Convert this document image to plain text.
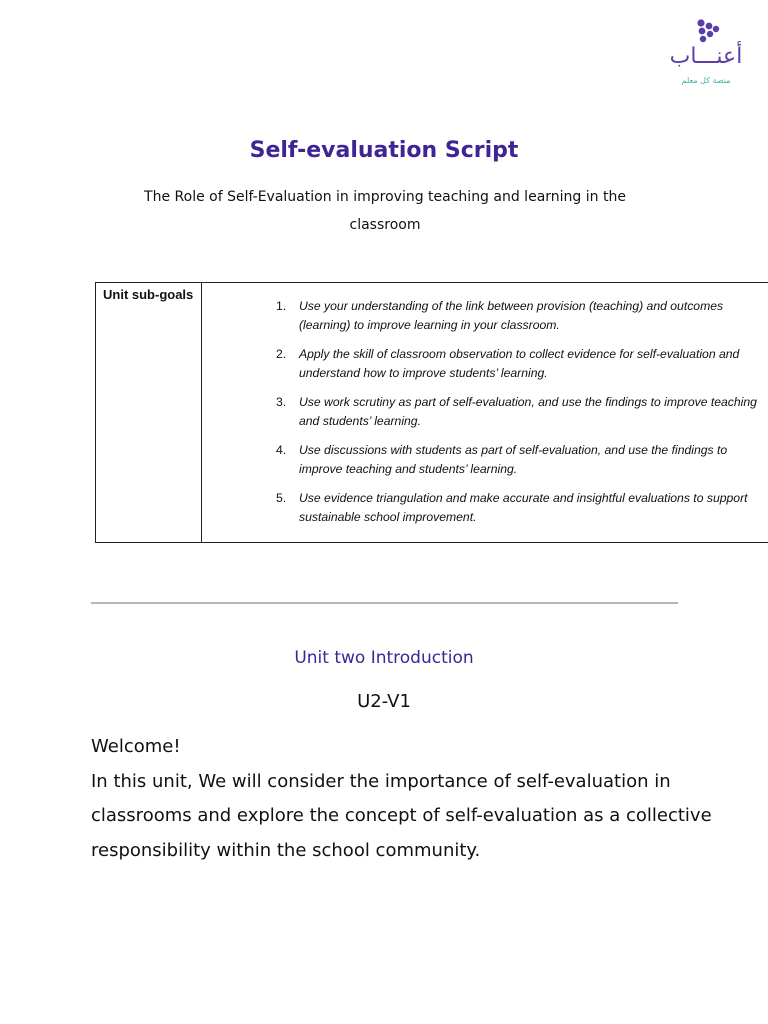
أعنـــاب
منصة كل معلم
Self-evaluation Script

The Role of Self-Evaluation in improving teaching and learning in the classroom

Unit sub-goals

1. Use your understanding of the link between provision (teaching) and outcomes (learning) to improve learning in your classroom.
2. Apply the skill of classroom observation to collect evidence for self-evaluation and understand how to improve students’ learning.
3. Use work scrutiny as part of self-evaluation, and use the findings to improve teaching and students’ learning.
4. Use discussions with students as part of self-evaluation, and use the findings to improve teaching and students’ learning.
5. Use evidence triangulation and make accurate and insightful evaluations to support sustainable school improvement.
Unit two Introduction
U2-V1

Welcome!

In this unit, We will consider the importance of self-evaluation in classrooms and explore the concept of self-evaluation as a collective responsibility within the school community.
